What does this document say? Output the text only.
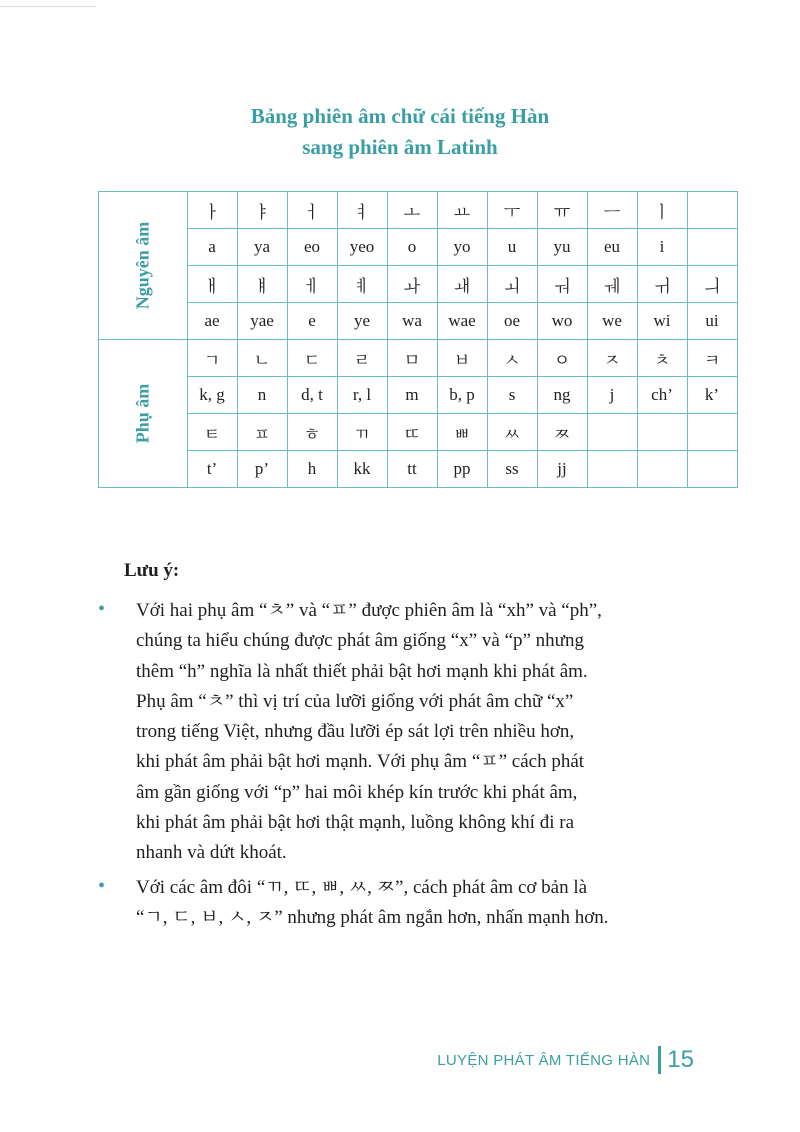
Bảng phiên âm chữ cái tiếng Hàn
sang phiên âm Latinh
Nguyên âm	ㅏ	ㅑ	ㅓ	ㅕ	ㅗ	ㅛ	ㅜ	ㅠ	ㅡ	ㅣ	
	a	ya	eo	yeo	o	yo	u	yu	eu	i	
	ㅐ	ㅒ	ㅔ	ㅖ	ㅘ	ㅙ	ㅚ	ㅝ	ㅞ	ㅟ	ㅢ
	ae	yae	e	ye	wa	wae	oe	wo	we	wi	ui
Phụ âm	ㄱ	ㄴ	ㄷ	ㄹ	ㅁ	ㅂ	ㅅ	ㅇ	ㅈ	ㅊ	ㅋ
	k, g	n	d, t	r, l	m	b, p	s	ng	j	ch’	k’
	ㅌ	ㅍ	ㅎ	ㄲ	ㄸ	ㅃ	ㅆ	ㅉ			
	t’	p’	h	kk	tt	pp	ss	jj			
Lưu ý:
• Với hai phụ âm “ㅊ” và “ㅍ” được phiên âm là “xh” và “ph”,
chúng ta hiểu chúng được phát âm giống “x” và “p” nhưng
thêm “h” nghĩa là nhất thiết phải bật hơi mạnh khi phát âm.
Phụ âm “ㅊ” thì vị trí của lưỡi giống với phát âm chữ “x”
trong tiếng Việt, nhưng đầu lưỡi ép sát lợi trên nhiều hơn,
khi phát âm phải bật hơi mạnh. Với phụ âm “ㅍ” cách phát
âm gần giống với “p” hai môi khép kín trước khi phát âm,
khi phát âm phải bật hơi thật mạnh, luồng không khí đi ra
nhanh và dứt khoát.
• Với các âm đôi “ㄲ, ㄸ, ㅃ, ㅆ, ㅉ”, cách phát âm cơ bản là
“ㄱ, ㄷ, ㅂ, ㅅ, ㅈ” nhưng phát âm ngắn hơn, nhấn mạnh hơn.
LUYỆN PHÁT ÂM TIẾNG HÀN 15
